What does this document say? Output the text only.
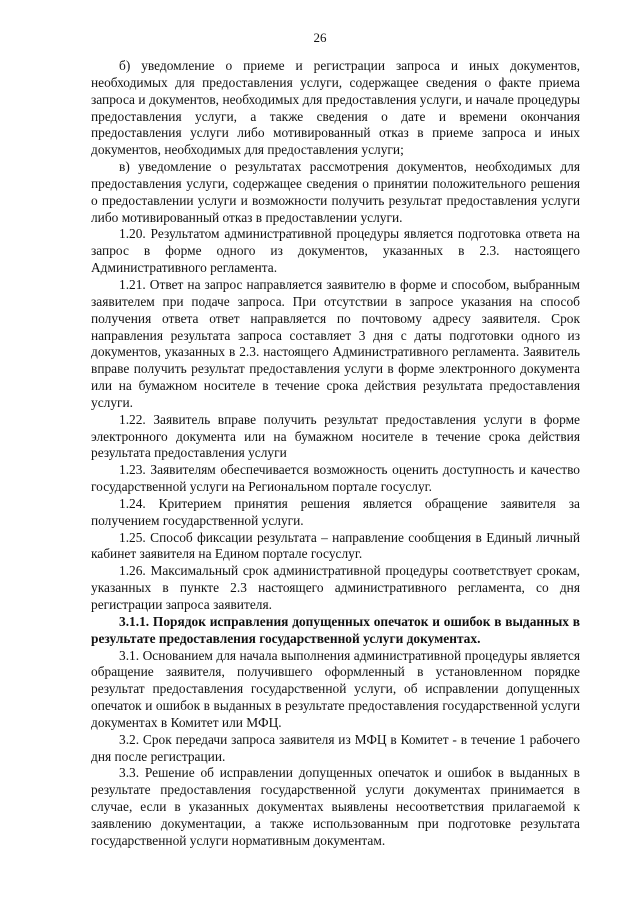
26

б) уведомление о приеме и регистрации запроса и иных документов, необходимых для предоставления услуги, содержащее сведения о факте приема запроса и документов, необходимых для предоставления услуги, и начале процедуры предоставления услуги, а также сведения о дате и времени окончания предоставления услуги либо мотивированный отказ в приеме запроса и иных документов, необходимых для предоставления услуги;

в) уведомление о результатах рассмотрения документов, необходимых для предоставления услуги, содержащее сведения о принятии положительного решения о предоставлении услуги и возможности получить результат предоставления услуги либо мотивированный отказ в предоставлении услуги.

1.20. Результатом административной процедуры является подготовка ответа на запрос в форме одного из документов, указанных в 2.3. настоящего Административного регламента.

1.21. Ответ на запрос направляется заявителю в форме и способом, выбранным заявителем при подаче запроса. При отсутствии в запросе указания на способ получения ответа ответ направляется по почтовому адресу заявителя. Срок направления результата запроса составляет 3 дня с даты подготовки одного из документов, указанных в 2.3. настоящего Административного регламента. Заявитель вправе получить результат предоставления услуги в форме электронного документа или на бумажном носителе в течение срока действия результата предоставления услуги.

1.22. Заявитель вправе получить результат предоставления услуги в форме электронного документа или на бумажном носителе в течение срока действия результата предоставления услуги

1.23. Заявителям обеспечивается возможность оценить доступность и качество государственной услуги на Региональном портале госуслуг.

1.24. Критерием принятия решения является обращение заявителя за получением государственной услуги.

1.25. Способ фиксации результата – направление сообщения в Единый личный кабинет заявителя на Едином портале госуслуг.

1.26. Максимальный срок административной процедуры соответствует срокам, указанных в пункте 2.3 настоящего административного регламента, со дня регистрации запроса заявителя.

3.1.1. Порядок исправления допущенных опечаток и ошибок в выданных в результате предоставления государственной услуги документах.

3.1. Основанием для начала выполнения административной процедуры является обращение заявителя, получившего оформленный в установленном порядке результат предоставления государственной услуги, об исправлении допущенных опечаток и ошибок в выданных в результате предоставления государственной услуги документах в Комитет или МФЦ.

3.2. Срок передачи запроса заявителя из МФЦ в Комитет - в течение 1 рабочего дня после регистрации.

3.3. Решение об исправлении допущенных опечаток и ошибок в выданных в результате предоставления государственной услуги документах принимается в случае, если в указанных документах выявлены несоответствия прилагаемой к заявлению документации, а также использованным при подготовке результата государственной услуги нормативным документам.
